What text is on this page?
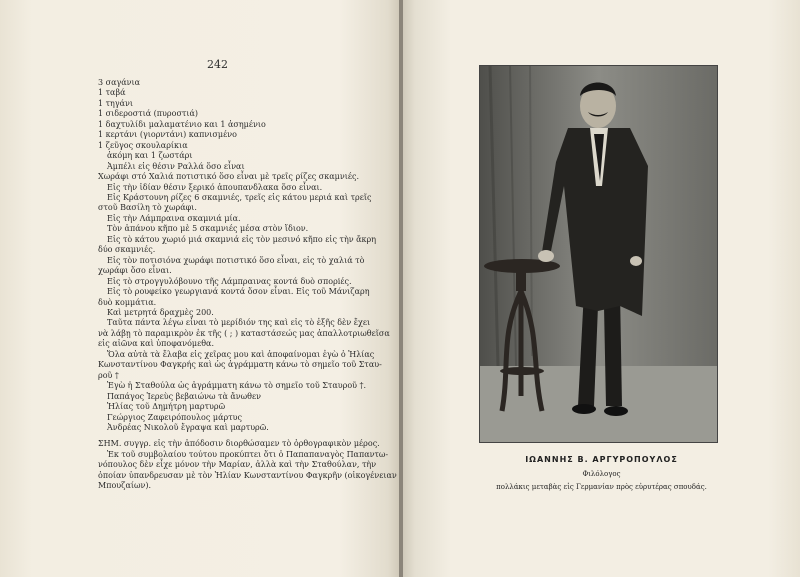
242
3 σαγάνια
1 ταβά
1 τηγάνι
1 σιδεροστιά (πυροστιά)
1 δαχτυλίδι μαλαματένιο και 1 ἀσημένιο
1 κερτάνι (γιορντάνι) καπνισμένο
1 ζεῦγος σκουλαρίκια
ἀκόμη και 1 ζωστάρι
Ἀμπέλι εἰς θέσιν Ραλλά ὅσο εἶναι
Χωράφι στό Χαλιά ποτιστικό ὅσο εἶναι μὲ τρεῖς ρίζες σκαμνιές.
Εἰς τὴν ἰδίαν θέσιν ξερικό ἀπουπανδλακα ὅσο εἶναι.
Εἰς Κράστουνη ρίζες 6 σκαμνιές, τρεῖς εἰς κάτου μεριά καὶ τρεῖς
στοῦ Βασίλη τὸ χωράφι.
Εἰς τὴν Λάμπραινα σκαμνιά μία.
Τὸν ἀπάνου κῆπο μὲ 5 σκαμνιές μέσα στὸν ἴδιον.
Εἰς τὸ κάτου χωριό μιά σκαμνιά εἰς τὸν μεσινό κῆπο εἰς τὴν ἄκρη
δύο σκαμνιές.
Εἰς τὸν ποτισιόνα χωράφι ποτιστικό ὅσο εἶναι, εἰς τὸ χαλιά τὸ
χωράφι ὅσο εἶναι.
Εἰς τὸ στρογγυλόβουνο τῆς Λάμπραινας κοντά δυὸ σπορiές.
Εἰς τὸ ρουφείκο γεωργιανά κοντά ὅσον εἶναι. Εἰς τοῦ Μάνιζαρη
δυὸ κομμάτια.
Καὶ μετρητά δραχμὲς 200.
Ταῦτα πάντα λέγω εἶναι τὸ μερίδιόν της καὶ εἰς τὸ ἑξῆς δὲν ἔχει
νὰ λάβῃ τὸ παραμικρὸν ἐκ τῆς ( ; ) καταστάσεώς μας ἀπαλλοτριωθεῖσα
εἰς αἰῶνα καὶ ὑποφανόμεθα.
Ὅλα αὐτὰ τὰ ἔλαβα εἰς χεῖρας μου καὶ ἀποφαίνομαι ἐγὼ ὁ Ἠλίας
Κωνσταντίνου Φαγκρής καὶ ὡς ἀγράμματη κάνω τὸ σημεῖο τοῦ Σταυ-
ροῦ †
Ἐγὼ ἡ Σταθούλα ὡς ἀγράμματη κάνω τὸ σημεῖο τοῦ Σταυροῦ †.
Παπάγος Ἱερεὺς βεβαιώνω τὰ ἄνωθεν
Ἠλίας τοῦ Δημήτρη μαρτυρῶ
Γεώργιος Ζαφειρόπουλος μάρτυς
Ἀνδρέας Νικολοῦ ἔγραψα καὶ μαρτυρῶ.
ΣΗΜ. συγγρ. εἰς τὴν ἀπόδοσιν διορθώσαμεν τὸ ὀρθογραφικὸν μέρος.
Ἐκ τοῦ συμβολαίου τούτου προκύπτει ὅτι ὁ Παπαπαναγὸς Παπαντω-
νόπουλος δὲν εἶχε μόνον τὴν Μαρίαν, ἀλλὰ καὶ τὴν Σταθούλαν, τὴν
ὁποίαν ὑπανδρευσαν μὲ τὸν Ἠλίαν Κωνσταντίνου Φαγκρῆν (οἰκογένειαν
Μπουζαίων).
ΙΩΑΝΝΗΣ Β. ΑΡΓΥΡΟΠΟΥΛΟΣ
Φιλόλογος
πολλάκις μεταβὰς εἰς Γερμανίαν πρὸς εὐρυτέρας σπουδάς.
